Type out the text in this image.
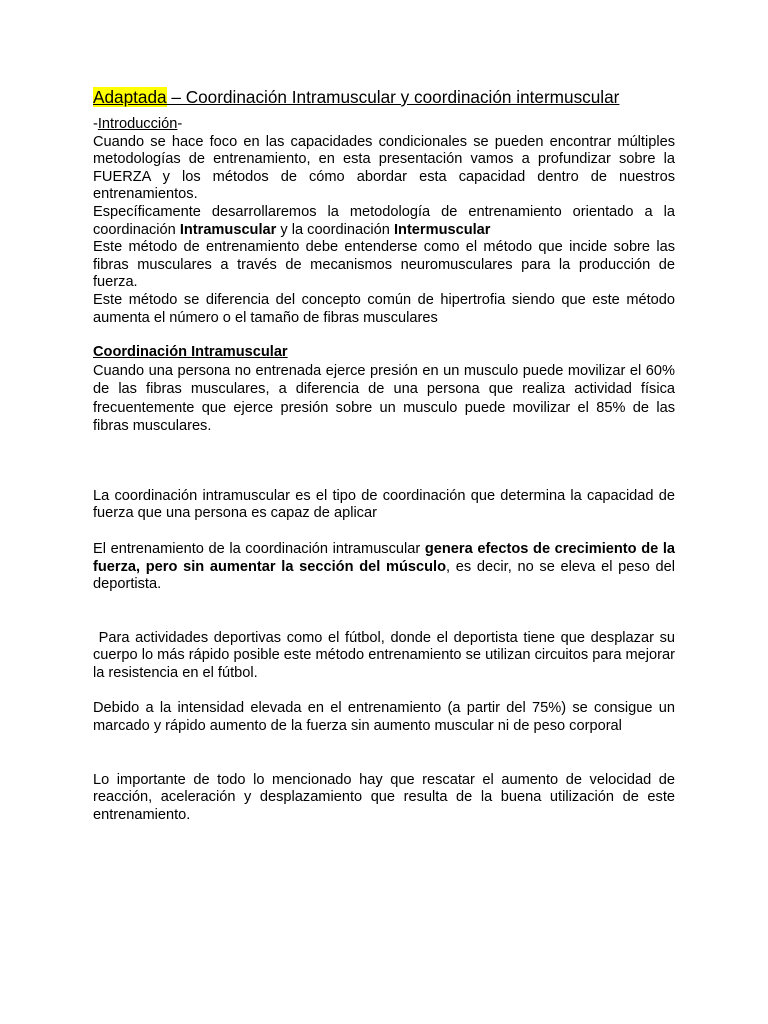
Adaptada – Coordinación Intramuscular y coordinación intermuscular

-Introducción-

Cuando se hace foco en las capacidades condicionales se pueden encontrar múltiples metodologías de entrenamiento, en esta presentación vamos a profundizar sobre la FUERZA y los métodos de cómo abordar esta capacidad dentro de nuestros entrenamientos.

Específicamente desarrollaremos la metodología de entrenamiento orientado a la coordinación Intramuscular y la coordinación Intermuscular

Este método de entrenamiento debe entenderse como el método que incide sobre las fibras musculares a través de mecanismos neuromusculares para la producción de fuerza.

Este método se diferencia del concepto común de hipertrofia siendo que este método aumenta el número o el tamaño de fibras musculares

Coordinación Intramuscular

Cuando una persona no entrenada ejerce presión en un musculo puede movilizar el 60% de las fibras musculares, a diferencia de una persona que realiza actividad física frecuentemente que ejerce presión sobre un musculo puede movilizar el 85% de las fibras musculares.

La coordinación intramuscular es el tipo de coordinación que determina la capacidad de fuerza que una persona es capaz de aplicar

El entrenamiento de la coordinación intramuscular genera efectos de crecimiento de la fuerza, pero sin aumentar la sección del músculo, es decir, no se eleva el peso del deportista.

Para actividades deportivas como el fútbol, donde el deportista tiene que desplazar su cuerpo lo más rápido posible este método entrenamiento se utilizan circuitos para mejorar la resistencia en el fútbol.

Debido a la intensidad elevada en el entrenamiento (a partir del 75%) se consigue un marcado y rápido aumento de la fuerza sin aumento muscular ni de peso corporal

Lo importante de todo lo mencionado hay que rescatar el aumento de velocidad de reacción, aceleración y desplazamiento que resulta de la buena utilización de este entrenamiento.
